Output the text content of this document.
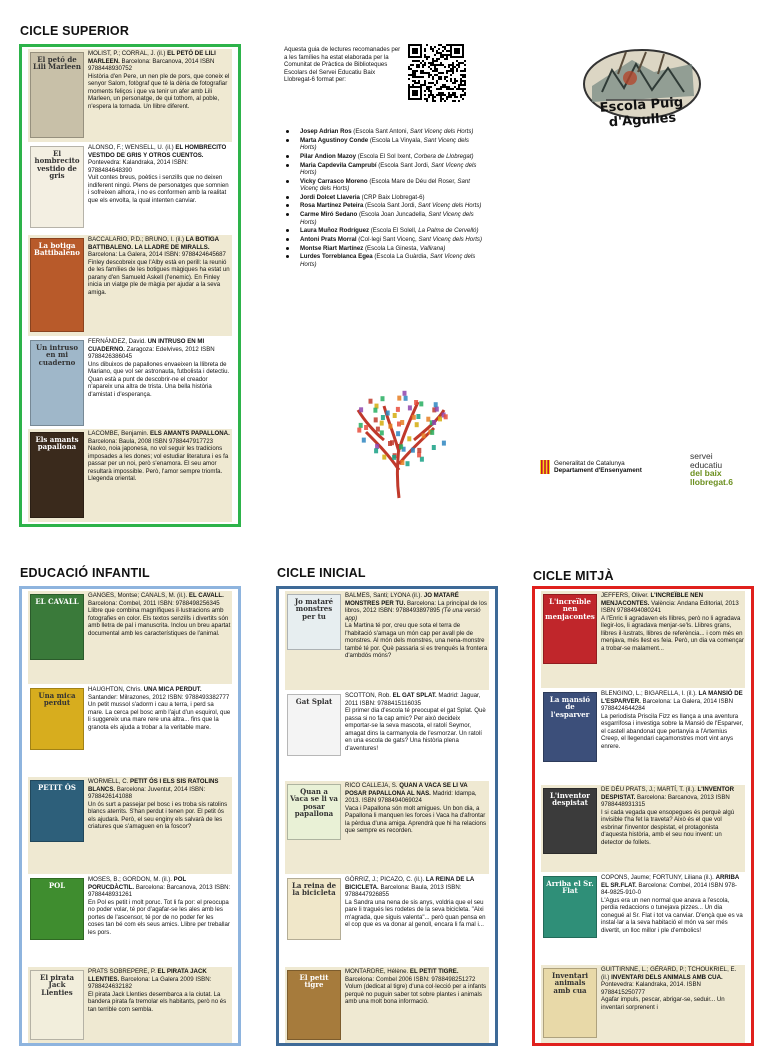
CICLE SUPERIOR
El petó de Lili Marleen
MOLIST, P.; CORRAL, J. (il.) EL PETÓ DE LILI MARLEEN. Barcelona: Barcanova, 2014 ISBN 9788448930752
Història d'en Pere, un nen ple de pors, que coneix el senyor Salom, fotògraf que té la dèria de fotografiar moments feliços i que va tenir un afer amb Lili Marleen, un personatge, de qui tothom, al poble, n'espera la tornada. Un llibre diferent.
El hombrecito vestido de gris
ALONSO, F.; WENSELL, U. (il.) EL HOMBRECITO VESTIDO DE GRIS Y OTROS CUENTOS. Pontevedra: Kalandraka, 2014 ISBN: 9788484648390
Vuit contes breus, poètics i senzills que no deixen indiferent ningú. Plens de personatges que somnien i sofreixen alhora, i no es conformen amb la realitat que els envolta, la qual intenten canviar.
La botiga Battibaleno
BACCALARIO, P.D.; BRUNO, I. (il.) LA BOTIGA BATTIBALENO. LA LLADRE DE MIRALLS. Barcelona: La Galera, 2014 ISBN: 9788424645687
Finley descobreix que l'Alby està en perill: la reunió de les famílies de les botigues màgiques ha estat un parany d'en Samueld Askell (l'enemic). En Finley inicia un viatge ple de màgia per ajudar a la seva amiga.
Un intruso en mi cuaderno
FERNÁNDEZ, David. UN INTRUSO EN MI CUADERNO. Zaragoza: Edelvives, 2012 ISBN 9788426386045
Uns dibuixos de papallones envaeixen la llibreta de Mariano, que vol ser astronauta, futbolista i detectiu. Quan està a punt de descobrir-ne el creador n'apareix una altra de trista. Una bella història d'amistat i d'esperança.
Els amants papallona
LACOMBE, Benjamin. ELS AMANTS PAPALLONA. Barcelona: Baula, 2008 ISBN 9788447917723
Naoko, noia japonesa, no vol seguir les tradicions imposades a les dones; vol estudiar literatura i es fa passar per un noi, però s'enamora. El seu amor resultarà impossible. Però, l'amor sempre triomfa. Llegenda oriental.
Aquesta guia de lectures recomanades per a les famílies ha estat elaborada per la Comunitat de Pràctica de Biblioteques Escolars del Servei Educatiu Baix Llobregat-6 format per:
Josep Adrian Ros (Escola Sant Antoni, Sant Vicenç dels Horts)
Marta Agustinoy Conde (Escola La Vinyala, Sant Vicenç dels Horts)
Pilar Andion Mazoy (Escola El Sol Ixent, Corbera de Llobregat)
Maria Capdevila Camprubí (Escola Sant Jordi, Sant Vicenç dels Horts)
Vicky Carrasco Moreno (Escola Mare de Déu del Roser, Sant Vicenç dels Horts)
Jordi Dolcet Llaveria (CRP Baix Llobregat-6)
Rosa Martínez Peteira (Escola Sant Jordi, Sant Vicenç dels Horts)
Carme Miró Sedano (Escola Joan Juncadella, Sant Vicenç dels Horts)
Laura Muñoz Rodríguez (Escola El Solell, La Palma de Cervelló)
Antoni Prats Morral (Col·legi Sant Vicenç, Sant Vicenç dels Horts)
Montse Riart Martínez (Escola La Ginesta, Vallirana)
Lurdes Torreblanca Egea (Escola La Guàrdia, Sant Vicenç dels Horts)
Escola Puig d'Agulles
Generalitat de Catalunya
Departament d'Ensenyament
servei
educatiu
del baix
llobregat.6
EDUCACIÓ INFANTIL
EL CAVALL
GANGES, Montse; CANALS, M. (il.). EL CAVALL. Barcelona: Combel, 2011 ISBN: 9788498256345
Llibre que combina magnífiques il·lustracions amb fotografies en color. Els textos senzills i divertits són amb lletra de pal i manuscrita. Inclou un breu apartat documental amb les característiques de l'animal.
Una mica perdut
HAUGHTON, Chris. UNA MICA PERDUT. Santander: Milrazones, 2012 ISBN: 9788493382777
Un petit mussol s'adorm i cau a terra, i perd sa mare. La cerca pel bosc amb l'ajut d'un esquirol, que li suggereix una mare rere una altra... fins que la granota els ajuda a trobar a la veritable mare.
PETIT ÓS
WORMELL, C. PETIT ÓS I ELS SIS RATOLINS BLANCS. Barcelona: Juventut, 2014 ISBN: 9788426141088
Un ós surt a passejar pel bosc i es troba sis ratolins blancs aterrits. S'han perdut i tenen por. El petit ós els ajudarà. Però, el seu enginy els salvarà de les criatures que s'amaguen en la foscor?
POL
MOSES, B.; GORDON, M. (il.). POL PORUCDÀCTIL. Barcelona: Barcanova, 2013 ISBN: 9788448931261
En Pol es petit i molt poruc. Tot li fa por: el preocupa no poder volar, té por d'agafar-se les ales amb les portes de l'ascensor, té por de no poder fer les coses tan bé com els seus amics. Llibre per treballar les pors.
El pirata Jack Llenties
PRATS SOBREPERE, P. EL PIRATA JACK LLENTIES. Barcelona: La Galera 2009 ISBN: 9788424632182
El pirata Jack Llenties desembarca a la ciutat. La bandera pirata fa tremolar els habitants, però no és tan terrible com sembla.
CICLE INICIAL
Jo mataré monstres per tu
BALMES, Santi; LYONA (il.). JO MATARÉ MONSTRES PER TU. Barcelona: La principal de los libros, 2012 ISBN: 9788493897895 (Té una versió app)
La Martina té por, creu que sota el terra de l'habitació s'amaga un món cap per avall ple de monstres. Al món dels monstres, una nena-monstre també té por. Què passaria si es trenqués la frontera d'ambdós móns?
Gat Splat
SCOTTON, Rob. EL GAT SPLAT. Madrid: Jaguar, 2011 ISBN: 9788415116035
El primer dia d'escola té preocupat el gat Splat. Què passa si no fa cap amic? Per això decideix emportar-se la seva mascota, el ratolí Seymor, amagat dins la carmanyola de l'esmorzar. Un ratolí en una escola de gats? Una història plena d'aventures!
Quan a Vaca se li va posar papallona
RICO CALLEJA, S. QUAN A VACA SE LI VA POSAR PAPALLONA AL NAS. Madrid: Idampa, 2013. ISBN 9788494069024
Vaca i Papallona són molt amigues. Un bon dia, a Papallona li manquen les forces i Vaca ha d'afrontar la pèrdua d'una amiga. Aprendrà que hi ha relacions que sempre es recorden.
La reina de la bicicleta
GÒRRIZ, J.; PICAZO, C. (il.). LA REINA DE LA BICICLETA. Barcelona: Baula, 2013 ISBN: 9788447926855
La Sandra una nena de sis anys, voldria que el seu pare li tragués les rodetes de la seva bicicleta. "Aixi m'agrada, que siguis valenta"... però quan pensa en el cop que es va donar al genoll, encara li fa mal i...
El petit tigre
MONTARDRE, Hélène. EL PETIT TIGRE. Barcelona: Combel 2006 ISBN: 9788498251272
Volum (dedicat al tigre) d'una col·lecció per a infants perquè no puguin saber tot sobre plantes i animals amb una molt bona informació.
CICLE MITJÀ
L'increïble nen menjacontes
JEFFERS, Oliver. L'INCREÏBLE NEN MENJACONTES. València: Andana Editorial, 2013 ISBN 9788494080241
A l'Enric li agradaven els llibres, però no li agradava llegir-los, li agradava menjar-se'ls. Llibres grans, llibres il·lustrats, llibres de referència... i com més en menjava, més llest es feia. Però, un dia va començar a trobar-se malament...
La mansió de l'esparver
BLENGINO, L.; BIGARELLA, I. (il.). LA MANSIÓ DE L'ESPARVER. Barcelona: La Galera, 2014 ISBN 9788424644284
La periodista Priscila Fizz es llança a una aventura esgarrifosa i investiga sobre la Mansió de l'Esparver, el castell abandonat que pertanyia a l'Artemius Creep, el llegendari caçamonstres mort vint anys enrere.
L'inventor despistat
DE DÉU PRATS, J.; MARTÍ, T. (il.). L'INVENTOR DESPISTAT. Barcelona: Barcanova, 2013 ISBN 9788448931315
I si cada vegada que ensopegues és perquè algú invisible t'ha fet la traveta? Això és el que vol esbrinar l'inventor despistat, el protagonista d'aquesta història, amb el seu nou invent: un detector de follets.
Arriba el Sr. Flat
COPONS, Jaume; FORTUNY, Liliana (il.). ARRIBA EL SR.FLAT. Barcelona: Combel, 2014 ISBN 978-84-9825-910-0
L'Agus era un nen normal que anava a l'escola, perdia redaccions o tunejava pizzes... Un dia conegué al Sr. Flat i tot va canviar. D'ençà que es va instal·lar a la seva habitació el món va ser més divertit, un lloc millor i ple d'embolics!
Inventari animals amb cua
GUITTIRNNE, L.; GÉRARD, P.; TCHOUKRIEL, E. (il.) INVENTARI DELS ANIMALS AMB CUA. Pontevedra: Kalandraka, 2014. ISBN 9788415250777
Agafar impuls, pescar, abrigar-se, seduir... Un inventari sorprenent i
